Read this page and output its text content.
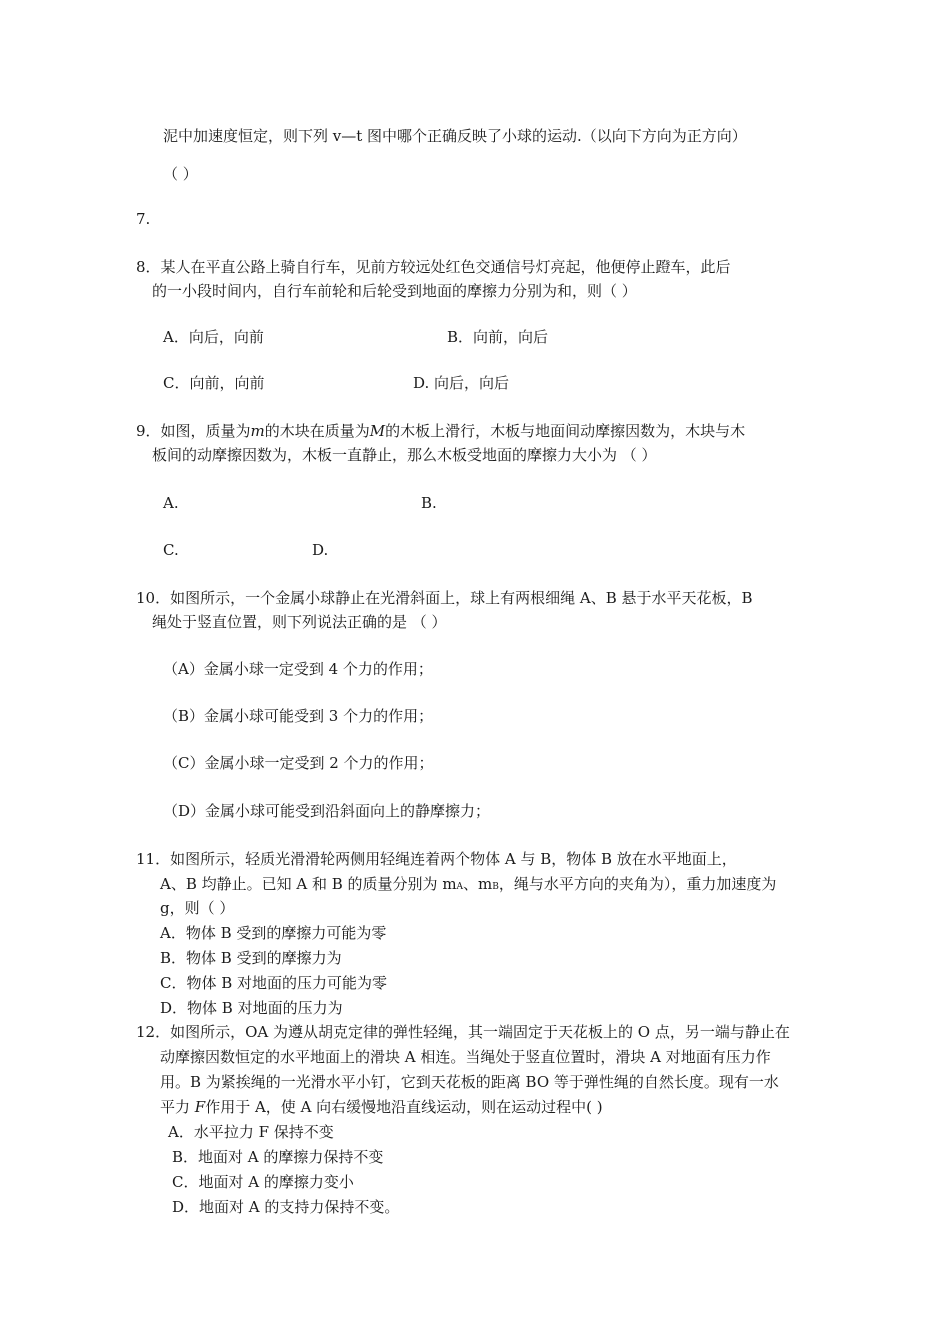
泥中加速度恒定，则下列 v—t 图中哪个正确反映了小球的运动.（以向下方向为正方向）
（ ）
7.
8．某人在平直公路上骑自行车，见前方较远处红色交通信号灯亮起，他便停止蹬车，此后
的一小段时间内，自行车前轮和后轮受到地面的摩擦力分别为和，则（ ）
A．向后，向前	B．向前，向后
C．向前，向前	D. 向后，向后
9．如图，质量为m的木块在质量为M的木板上滑行，木板与地面间动摩擦因数为，木块与木
板间的动摩擦因数为，木板一直静止，那么木板受地面的摩擦力大小为 （ ）
A.	B.
C.	D.
10．如图所示，一个金属小球静止在光滑斜面上，球上有两根细绳 A、B 悬于水平天花板，B
绳处于竖直位置，则下列说法正确的是 （ ）
（A）金属小球一定受到 4 个力的作用；
（B）金属小球可能受到 3 个力的作用；
（C）金属小球一定受到 2 个力的作用；
（D）金属小球可能受到沿斜面向上的静摩擦力；
11．如图所示，轻质光滑滑轮两侧用轻绳连着两个物体 A 与 B，物体 B 放在水平地面上，
A、B 均静止。已知 A 和 B 的质量分别为 mA、mB，绳与水平方向的夹角为），重力加速度为
g，则（ ）
A．物体 B 受到的摩擦力可能为零
B．物体 B 受到的摩擦力为
C．物体 B 对地面的压力可能为零
D．物体 B 对地面的压力为
12．如图所示，OA 为遵从胡克定律的弹性轻绳，其一端固定于天花板上的 O 点，另一端与静止在
动摩擦因数恒定的水平地面上的滑块 A 相连。当绳处于竖直位置时，滑块 A 对地面有压力作
用。B 为紧挨绳的一光滑水平小钉，它到天花板的距离 BO 等于弹性绳的自然长度。现有一水
平力 F作用于 A，使 A 向右缓慢地沿直线运动，则在运动过程中( )
A．水平拉力 F 保持不变
B．地面对 A 的摩擦力保持不变
C．地面对 A 的摩擦力变小
D．地面对 A 的支持力保持不变。
